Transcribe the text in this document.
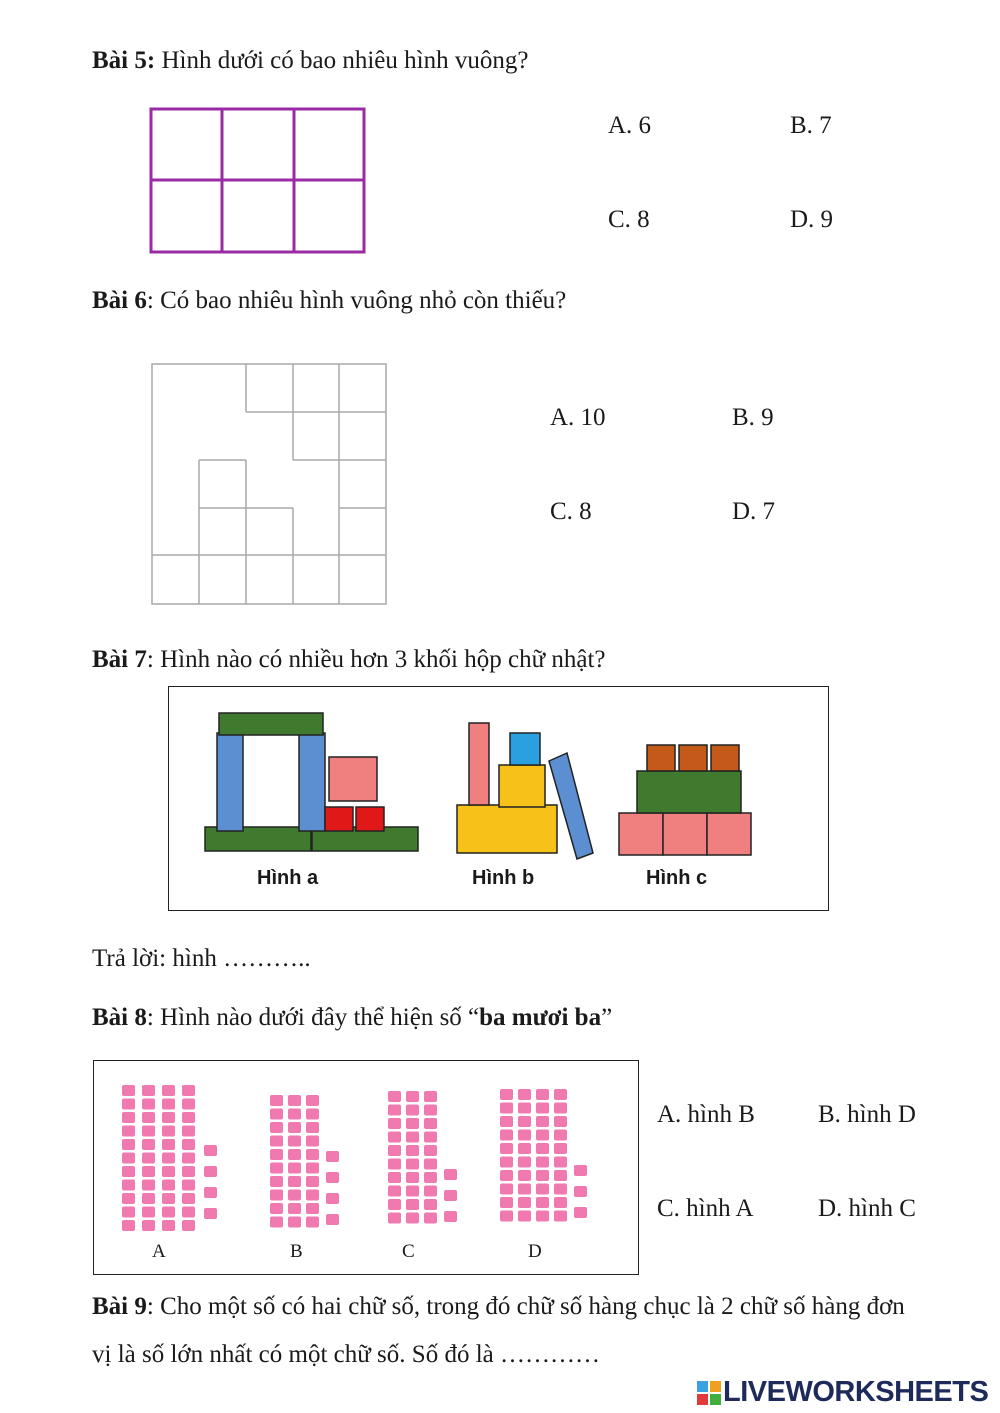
Bài 5: Hình dưới có bao nhiêu hình vuông?
A. 6	B. 7
C. 8	D. 9
Bài 6: Có bao nhiêu hình vuông nhỏ còn thiếu?
A. 10	B. 9
C. 8	D. 7
Bài 7: Hình nào có nhiều hơn 3 khối hộp chữ nhật?
Hình a	Hình b	Hình c
Trả lời: hình ………..
Bài 8: Hình nào dưới đây thể hiện số “ba mươi ba”
A	B	C	D
A. hình B	B. hình D
C. hình A	D. hình C
Bài 9: Cho một số có hai chữ số, trong đó chữ số hàng chục là 2 chữ số hàng đơn
vị là số lớn nhất có một chữ số. Số đó là …………
LIVEWORKSHEETS
